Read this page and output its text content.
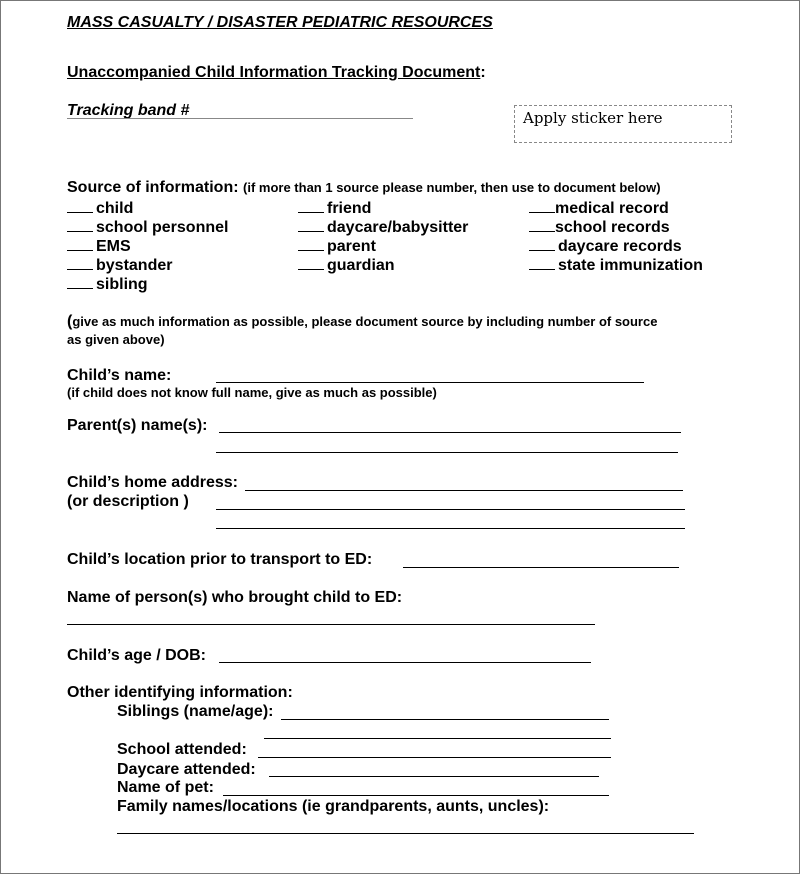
MASS CASUALTY / DISASTER PEDIATRIC RESOURCES
Unaccompanied Child Information Tracking Document:
Tracking band #	Apply sticker here
Source of information: (if more than 1 source please number, then use to document below)
child
school personnel
EMS
bystander
sibling
friend
daycare/babysitter
parent
guardian
medical record
school records
daycare records
state immunization
(give as much information as possible, please document source by including number of source
as given above)
Child’s name:
(if child does not know full name, give as much as possible)
Parent(s) name(s):
Child’s home address:
(or description )
Child’s location prior to transport to ED:
Name of person(s) who brought child to ED:
Child’s age / DOB:
Other identifying information:
Siblings (name/age):
School attended:
Daycare attended:
Name of pet:
Family names/locations (ie grandparents, aunts, uncles):
